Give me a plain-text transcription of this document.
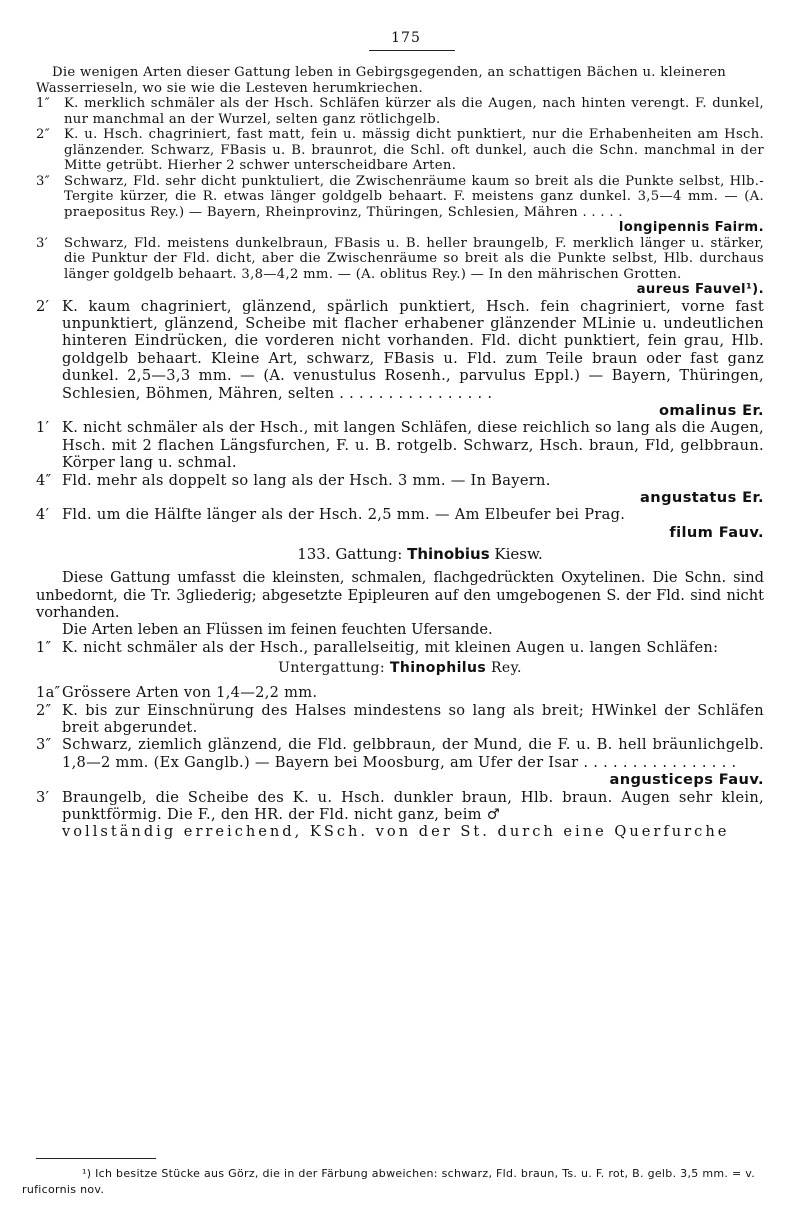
175

Die wenigen Arten dieser Gattung leben in Gebirgsgegenden, an schattigen Bächen u. kleineren Wasserrieseln, wo sie wie die Lesteven herumkriechen.

1″	K. merklich schmäler als der Hsch. Schläfen kürzer als die Augen, nach hinten verengt. F. dunkel, nur manchmal an der Wurzel, selten ganz rötlichgelb.
2″	K. u. Hsch. chagriniert, fast matt, fein u. mässig dicht punktiert, nur die Erhabenheiten am Hsch. glänzender. Schwarz, FBasis u. B. braunrot, die Schl. oft dunkel, auch die Schn. manchmal in der Mitte getrübt. Hierher 2 schwer unterscheidbare Arten.
3″	Schwarz, Fld. sehr dicht punktuliert, die Zwischenräume kaum so breit als die Punkte selbst, Hlb.-Tergite kürzer, die R. etwas länger goldgelb behaart. F. meistens ganz dunkel. 3,5—4 mm. — (A. praepositus Rey.) — Bayern, Rheinprovinz, Thüringen, Schlesien, Mähren . . . . .
longipennis Fairm.
3′	Schwarz, Fld. meistens dunkelbraun, FBasis u. B. heller braungelb, F. merklich länger u. stärker, die Punktur der Fld. dicht, aber die Zwischenräume so breit als die Punkte selbst, Hlb. durchaus länger goldgelb behaart. 3,8—4,2 mm. — (A. oblitus Rey.) — In den mährischen Grotten.
aureus Fauvel¹).
2′ K. kaum chagriniert, glänzend, spärlich punktiert, Hsch. fein chagriniert, vorne fast unpunktiert, glänzend, Scheibe mit flacher erhabener glänzender MLinie u. undeutlichen hinteren Eindrücken, die vorderen nicht vorhanden. Fld. dicht punktiert, fein grau, Hlb. goldgelb behaart. Kleine Art, schwarz, FBasis u. Fld. zum Teile braun oder fast ganz dunkel. 2,5—3,3 mm. — (A. venustulus Rosenh., parvulus Eppl.) — Bayern, Thüringen, Schlesien, Böhmen, Mähren, selten . . . . . . . . . . . . . . . .
omalinus Er.
1′ K. nicht schmäler als der Hsch., mit langen Schläfen, diese reichlich so lang als die Augen, Hsch. mit 2 flachen Längsfurchen, F. u. B. rotgelb. Schwarz, Hsch. braun, Fld, gelbbraun. Körper lang u. schmal.
4″ Fld. mehr als doppelt so lang als der Hsch. 3 mm. — In Bayern.
angustatus Er.
4′ Fld. um die Hälfte länger als der Hsch. 2,5 mm. — Am Elbeufer bei Prag.
filum Fauv.
133. Gattung: Thinobius Kiesw.

Diese Gattung umfasst die kleinsten, schmalen, flachgedrückten Oxytelinen. Die Schn. sind unbedornt, die Tr. 3gliederig; abgesetzte Epipleuren auf den umgebogenen S. der Fld. sind nicht vorhanden.

Die Arten leben an Flüssen im feinen feuchten Ufersande.

1″ K. nicht schmäler als der Hsch., parallelseitig, mit kleinen Augen u. langen Schläfen:
Untergattung: Thinophilus Rey.
1a″ Grössere Arten von 1,4—2,2 mm.
2″ K. bis zur Einschnürung des Halses mindestens so lang als breit; HWinkel der Schläfen breit abgerundet.
3″ Schwarz, ziemlich glänzend, die Fld. gelbbraun, der Mund, die F. u. B. hell bräunlichgelb. 1,8—2 mm. (Ex Ganglb.) — Bayern bei Moosburg, am Ufer der Isar . . . . . . . . . . . . . . . .
angusticeps Fauv.
3′ Braungelb, die Scheibe des K. u. Hsch. dunkler braun, Hlb. braun. Augen sehr klein, punktförmig. Die F., den HR. der Fld. nicht ganz, beim ♂
vollständig erreichend, KSch. von der St. durch eine Querfurche
¹) Ich besitze Stücke aus Görz, die in der Färbung abweichen: schwarz, Fld. braun, Ts. u. F. rot, B. gelb. 3,5 mm. = v. ruficornis nov.
